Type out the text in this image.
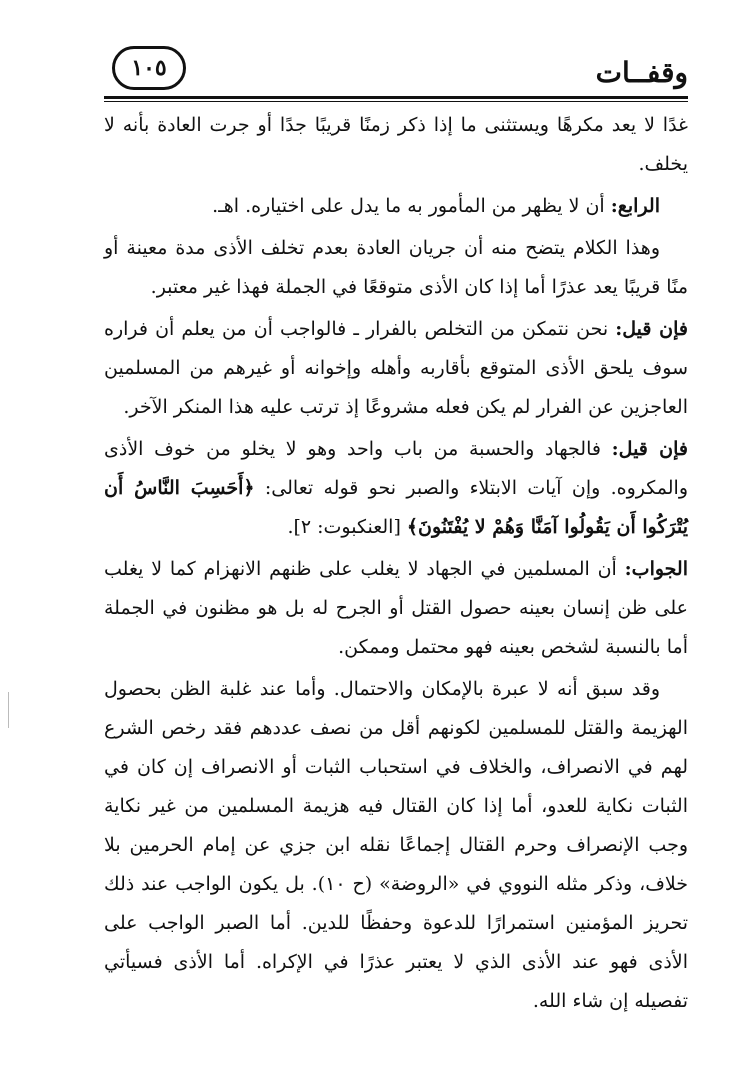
١٠٥	وقفــات

غدًا لا يعد مكرهًا ويستثنى ما إذا ذكر زمنًا قريبًا جدًا أو جرت العادة بأنه لا يخلف.

الرابع: أن لا يظهر من المأمور به ما يدل على اختياره. اهـ.

وهذا الكلام يتضح منه أن جريان العادة بعدم تخلف الأذى مدة معينة أو منًا قريبًا يعد عذرًا أما إذا كان الأذى متوقعًا في الجملة فهذا غير معتبر.

فإن قيل: نحن نتمكن من التخلص بالفرار ـ فالواجب أن من يعلم أن فراره سوف يلحق الأذى المتوقع بأقاربه وأهله وإخوانه أو غيرهم من المسلمين العاجزين عن الفرار لم يكن فعله مشروعًا إذ ترتب عليه هذا المنكر الآخر.

فإن قيل: فالجهاد والحسبة من باب واحد وهو لا يخلو من خوف الأذى والمكروه. وإن آيات الابتلاء والصبر نحو قوله تعالى: ﴿أَحَسِبَ النَّاسُ أَن يُتْرَكُوا أَن يَقُولُوا آمَنَّا وَهُمْ لا يُفْتَنُونَ﴾ [العنكبوت: ٢].

الجواب: أن المسلمين في الجهاد لا يغلب على ظنهم الانهزام كما لا يغلب على ظن إنسان بعينه حصول القتل أو الجرح له بل هو مظنون في الجملة أما بالنسبة لشخص بعينه فهو محتمل وممكن.

وقد سبق أنه لا عبرة بالإمكان والاحتمال. وأما عند غلبة الظن بحصول الهزيمة والقتل للمسلمين لكونهم أقل من نصف عددهم فقد رخص الشرع لهم في الانصراف، والخلاف في استحباب الثبات أو الانصراف إن كان في الثبات نكاية للعدو، أما إذا كان القتال فيه هزيمة المسلمين من غير نكاية وجب الإنصراف وحرم القتال إجماعًا نقله ابن جزي عن إمام الحرمين بلا خلاف، وذكر مثله النووي في «الروضة» (ح ١٠). بل يكون الواجب عند ذلك تحريز المؤمنين استمرارًا للدعوة وحفظًا للدين. أما الصبر الواجب على الأذى فهو عند الأذى الذي لا يعتبر عذرًا في الإكراه. أما الأذى فسيأتي تفصيله إن شاء الله.
